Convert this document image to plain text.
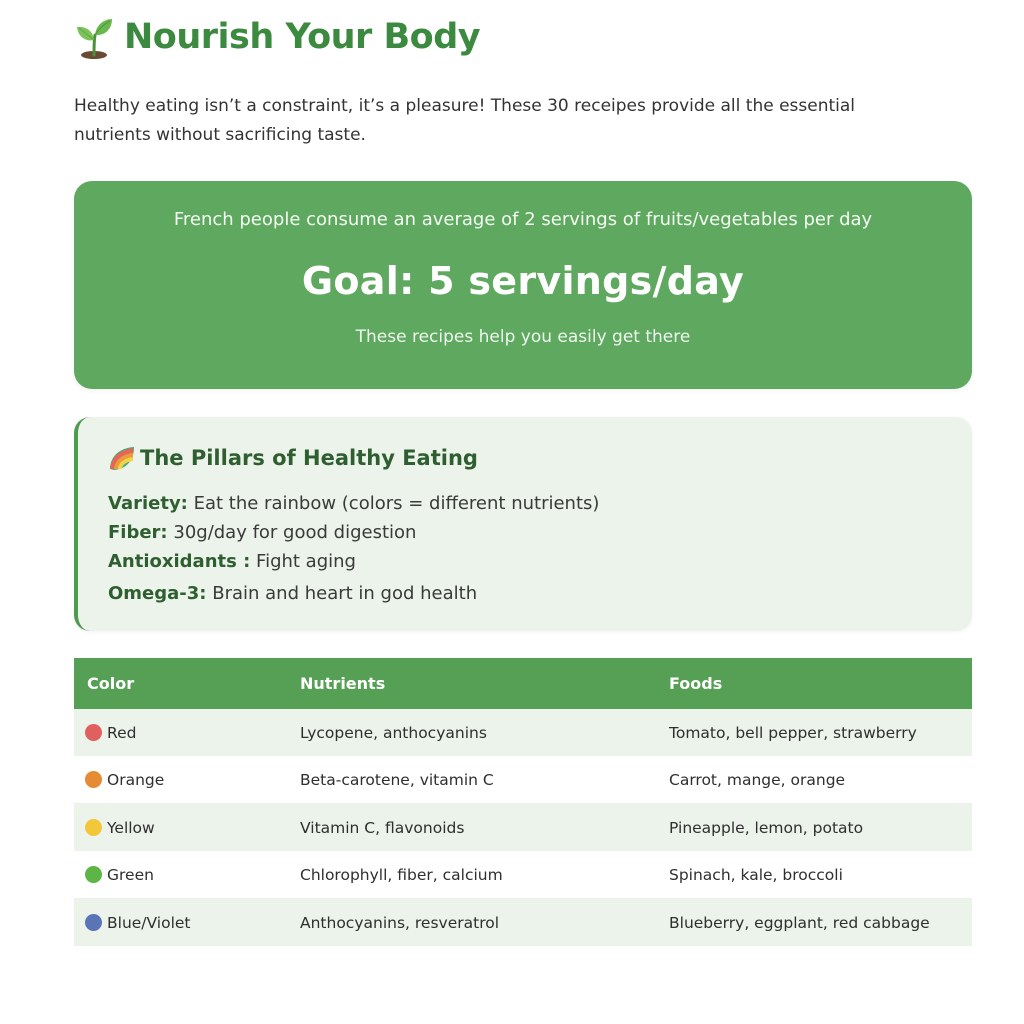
Nourish Your Body
Healthy eating isn’t a constraint, it’s a pleasure! These 30 receipes provide all the essential
nutrients without sacrificing taste.
French people consume an average of 2 servings of fruits/vegetables per day
Goal: 5 servings/day
These recipes help you easily get there
The Pillars of Healthy Eating
Variety: Eat the rainbow (colors = different nutrients)
Fiber: 30g/day for good digestion
Antioxidants : Fight aging
Omega-3: Brain and heart in god health
Color	Nutrients	Foods
Red	Lycopene, anthocyanins	Tomato, bell pepper, strawberry
Orange	Beta-carotene, vitamin C	Carrot, mange, orange
Yellow	Vitamin C, flavonoids	Pineapple, lemon, potato
Green	Chlorophyll, fiber, calcium	Spinach, kale, broccoli
Blue/Violet	Anthocyanins, resveratrol	Blueberry, eggplant, red cabbage
